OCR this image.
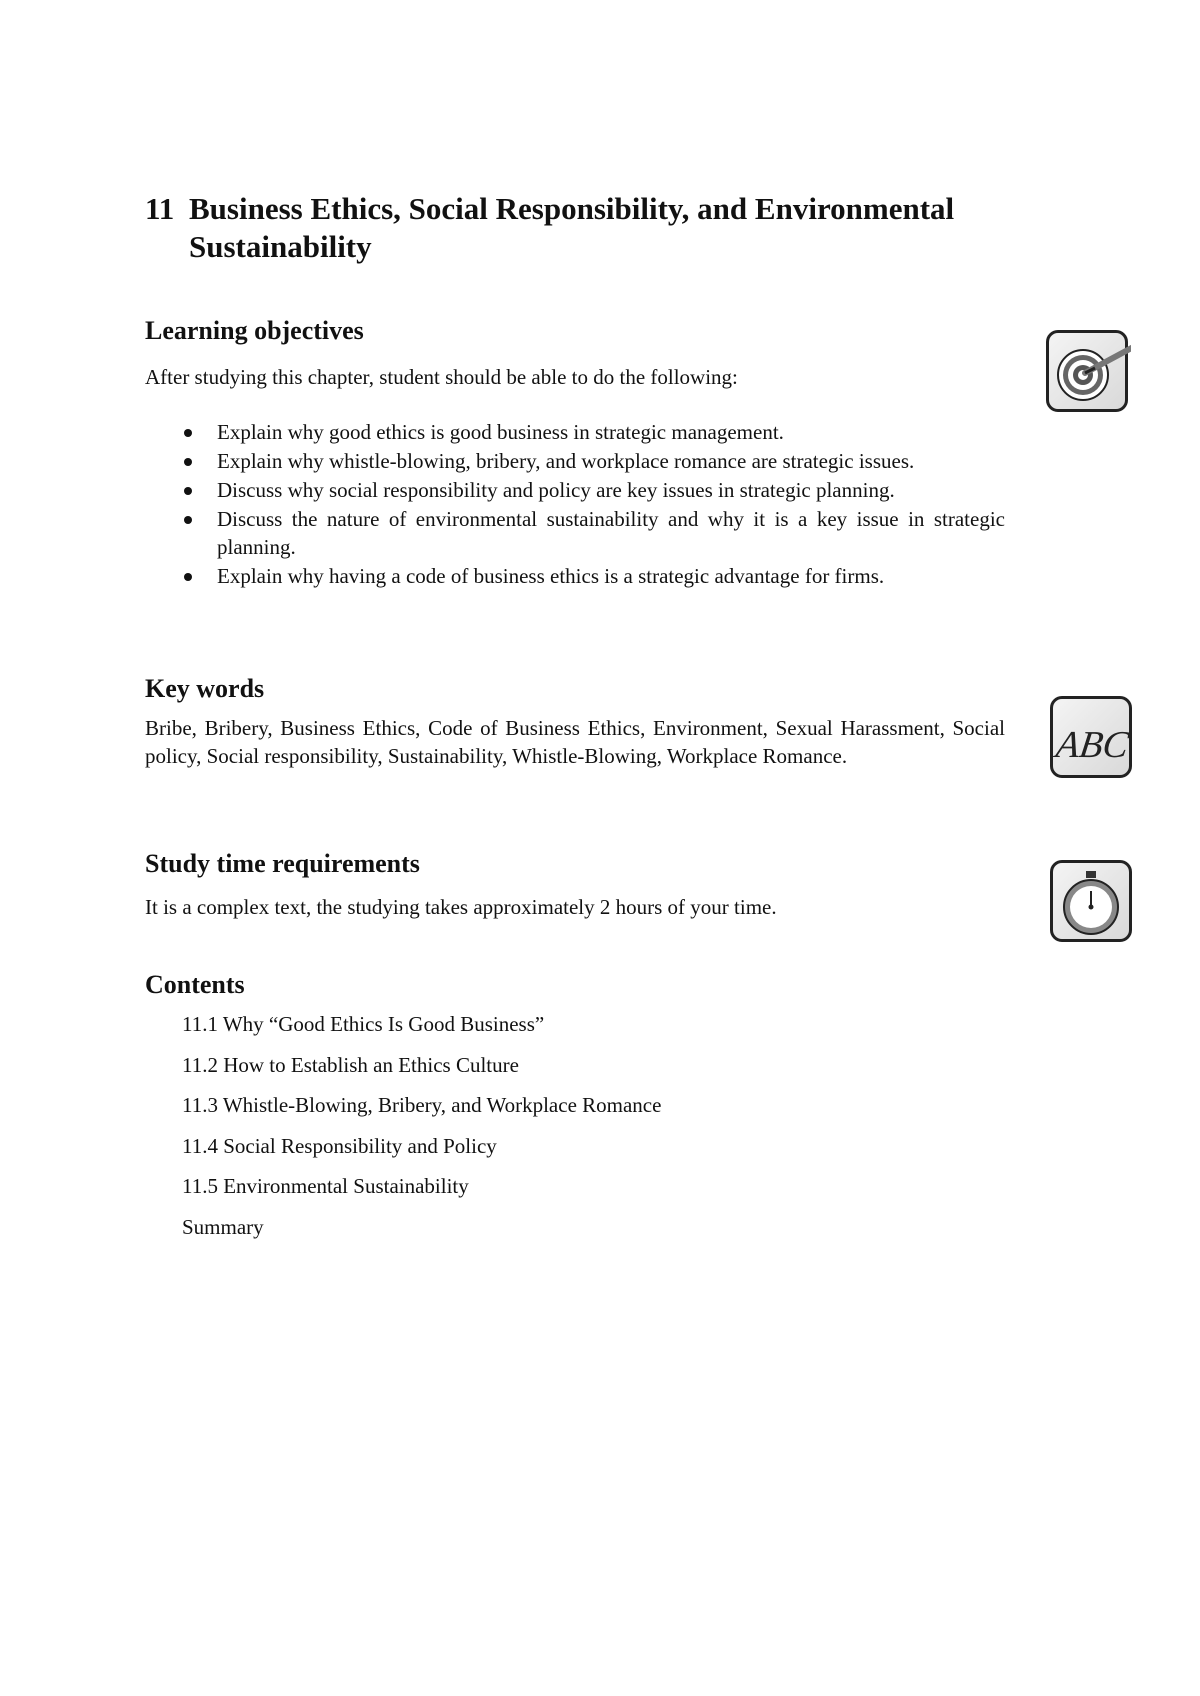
11 Business Ethics, Social Responsibility, and Environmental Sustainability
Learning objectives

After studying this chapter, student should be able to do the following:

Explain why good ethics is good business in strategic management.
Explain why whistle-blowing, bribery, and workplace romance are strategic issues.
Discuss why social responsibility and policy are key issues in strategic planning.
Discuss the nature of environmental sustainability and why it is a key issue in strategic planning.
Explain why having a code of business ethics is a strategic advantage for firms.
Key words

Bribe, Bribery, Business Ethics, Code of Business Ethics, Environment, Sexual Harassment, Social policy, Social responsibility, Sustainability, Whistle-Blowing, Workplace Romance.	ABC
Study time requirements

It is a complex text, the studying takes approximately 2 hours of your time.

Contents
11.1 Why “Good Ethics Is Good Business”
11.2 How to Establish an Ethics Culture
11.3 Whistle-Blowing, Bribery, and Workplace Romance
11.4 Social Responsibility and Policy
11.5 Environmental Sustainability
Summary
